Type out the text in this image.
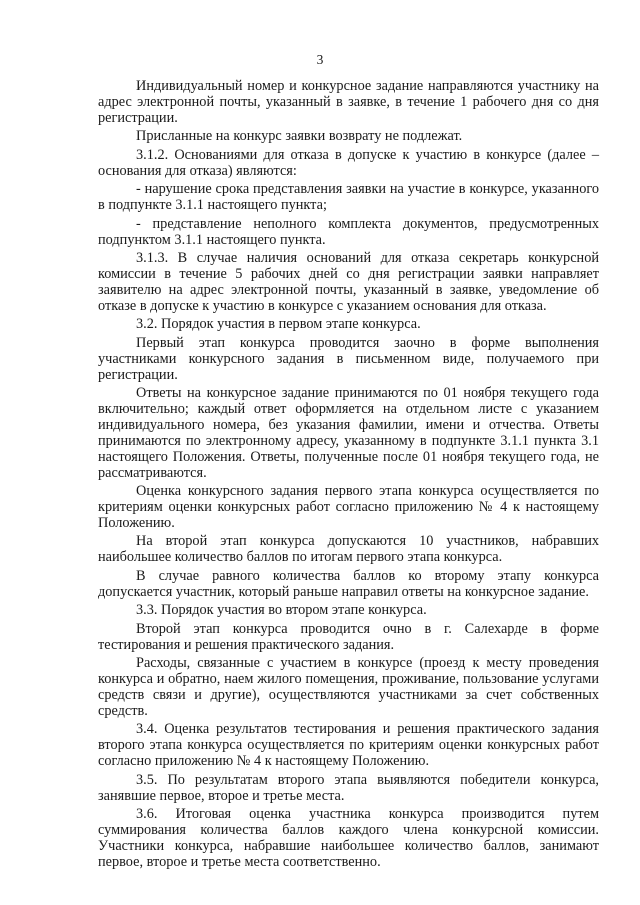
3

Индивидуальный номер и конкурсное задание направляются участнику на адрес электронной почты, указанный в заявке, в течение 1 рабочего дня со дня регистрации.

Присланные на конкурс заявки возврату не подлежат.

3.1.2. Основаниями для отказа в допуске к участию в конкурсе (далее – основания для отказа) являются:

- нарушение срока представления заявки на участие в конкурсе, указанного в подпункте 3.1.1 настоящего пункта;

- представление неполного комплекта документов, предусмотренных подпунктом 3.1.1 настоящего пункта.

3.1.3. В случае наличия оснований для отказа секретарь конкурсной комиссии в течение 5 рабочих дней со дня регистрации заявки направляет заявителю на адрес электронной почты, указанный в заявке, уведомление об отказе в допуске к участию в конкурсе с указанием основания для отказа.

3.2. Порядок участия в первом этапе конкурса.

Первый этап конкурса проводится заочно в форме выполнения участниками конкурсного задания в письменном виде, получаемого при регистрации.

Ответы на конкурсное задание принимаются по 01 ноября текущего года включительно; каждый ответ оформляется на отдельном листе с указанием индивидуального номера, без указания фамилии, имени и отчества. Ответы принимаются по электронному адресу, указанному в подпункте 3.1.1 пункта 3.1 настоящего Положения. Ответы, полученные после 01 ноября текущего года, не рассматриваются.

Оценка конкурсного задания первого этапа конкурса осуществляется по критериям оценки конкурсных работ согласно приложению № 4 к настоящему Положению.

На второй этап конкурса допускаются 10 участников, набравших наибольшее количество баллов по итогам первого этапа конкурса.

В случае равного количества баллов ко второму этапу конкурса допускается участник, который раньше направил ответы на конкурсное задание.

3.3. Порядок участия во втором этапе конкурса.

Второй этап конкурса проводится очно в г. Салехарде в форме тестирования и решения практического задания.

Расходы, связанные с участием в конкурсе (проезд к месту проведения конкурса и обратно, наем жилого помещения, проживание, пользование услугами средств связи и другие), осуществляются участниками за счет собственных средств.

3.4. Оценка результатов тестирования и решения практического задания второго этапа конкурса осуществляется по критериям оценки конкурсных работ согласно приложению № 4 к настоящему Положению.

3.5. По результатам второго этапа выявляются победители конкурса, занявшие первое, второе и третье места.

3.6. Итоговая оценка участника конкурса производится путем суммирования количества баллов каждого члена конкурсной комиссии. Участники конкурса, набравшие наибольшее количество баллов, занимают первое, второе и третье места соответственно.
